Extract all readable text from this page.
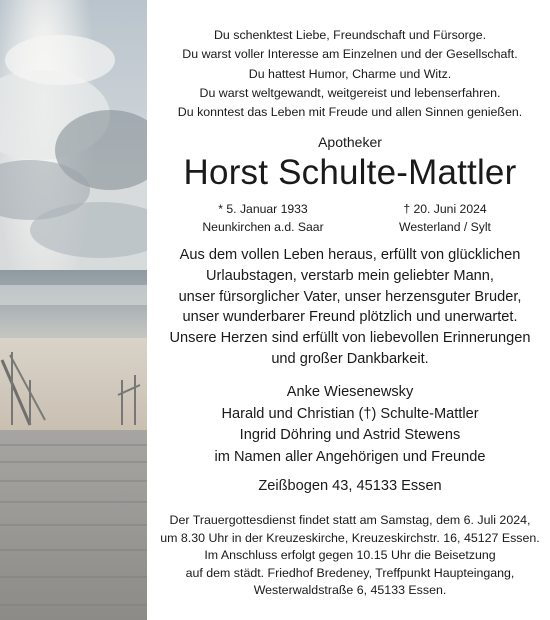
Du schenktest Liebe, Freundschaft und Fürsorge.
Du warst voller Interesse am Einzelnen und der Gesellschaft.
Du hattest Humor, Charme und Witz.
Du warst weltgewandt, weitgereist und lebenserfahren.
Du konntest das Leben mit Freude und allen Sinnen genießen.
Apotheker
Horst Schulte-Mattler
* 5. Januar 1933
Neunkirchen a.d. Saar
† 20. Juni 2024
Westerland / Sylt
Aus dem vollen Leben heraus, erfüllt von glücklichen
Urlaubstagen, verstarb mein geliebter Mann,
unser fürsorglicher Vater, unser herzensguter Bruder,
unser wunderbarer Freund plötzlich und unerwartet.
Unsere Herzen sind erfüllt von liebevollen Erinnerungen
und großer Dankbarkeit.
Anke Wiesenewsky
Harald und Christian (†) Schulte-Mattler
Ingrid Döhring und Astrid Stewens
im Namen aller Angehörigen und Freunde
Zeißbogen 43, 45133 Essen
Der Trauergottesdienst findet statt am Samstag, dem 6. Juli 2024,
um 8.30 Uhr in der Kreuzeskirche, Kreuzeskirchstr. 16, 45127 Essen.
Im Anschluss erfolgt gegen 10.15 Uhr die Beisetzung
auf dem städt. Friedhof Bredeney, Treffpunkt Haupteingang,
Westerwaldstraße 6, 45133 Essen.
